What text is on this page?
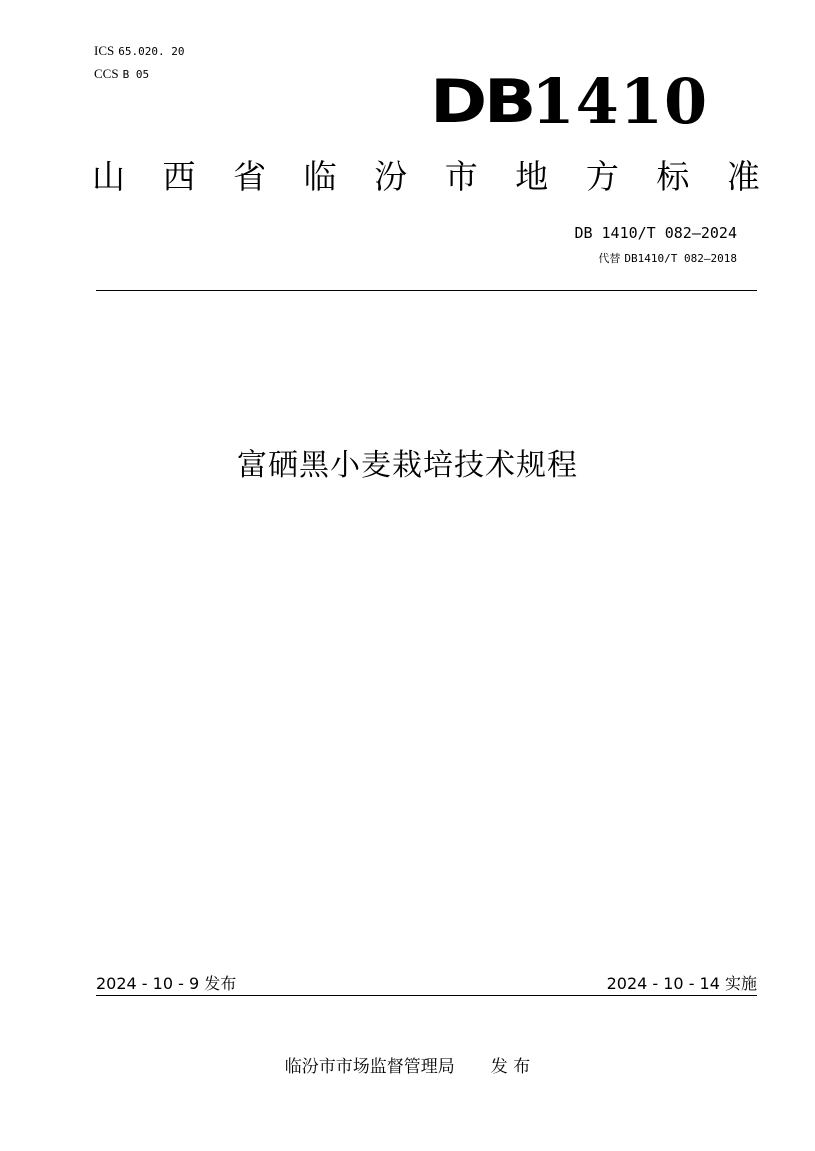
ICS 65.020. 20
CCS B 05	DB1410
山 西 省 临 汾 市 地 方 标 准
DB 1410/T 082—2024
代替 DB1410/T 082—2018
富硒黑小麦栽培技术规程
2024 - 10 - 9 发布	2024 - 10 - 14 实施
临汾市市场监督管理局 发 布
